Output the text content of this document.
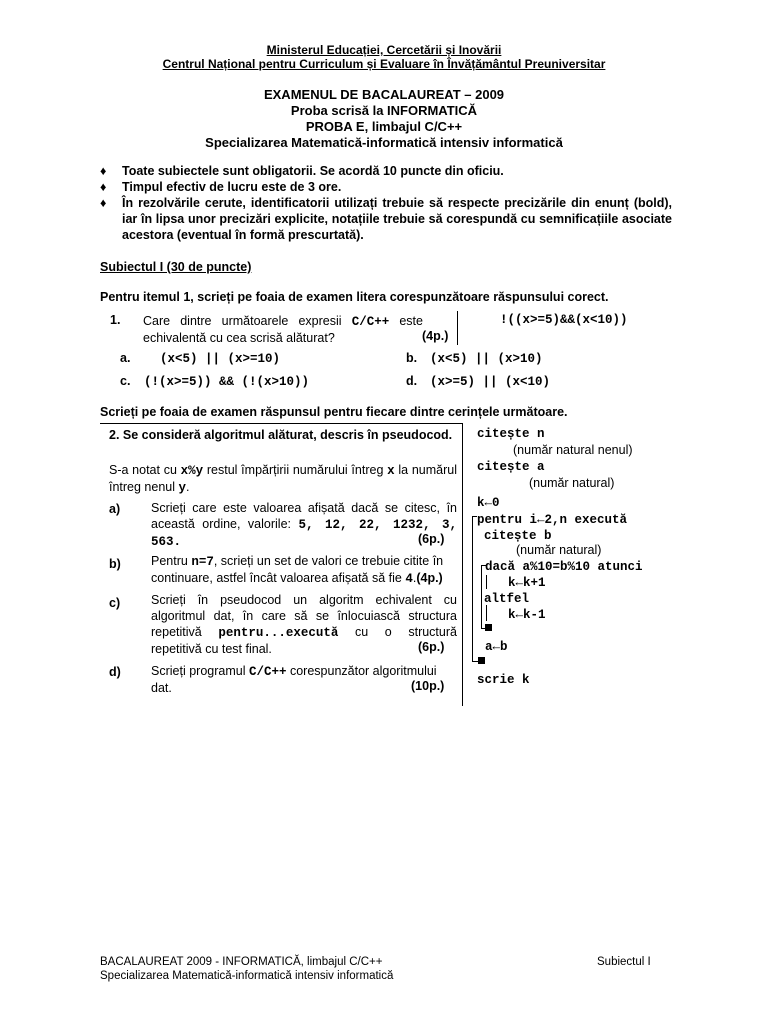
Ministerul Educației, Cercetării și Inovării
Centrul Național pentru Curriculum și Evaluare în Învățământul Preuniversitar
EXAMENUL DE BACALAUREAT – 2009
Proba scrisă la INFORMATICĂ
PROBA E, limbajul C/C++
Specializarea Matematică-informatică intensiv informatică
♦ Toate subiectele sunt obligatorii. Se acordă 10 puncte din oficiu.
♦ Timpul efectiv de lucru este de 3 ore.
♦ În rezolvările cerute, identificatorii utilizați trebuie să respecte precizările din enunț (bold), iar în lipsa unor precizări explicite, notațiile trebuie să corespundă cu semnificațiile asociate acestora (eventual în formă prescurtată).
Subiectul I (30 de puncte)
Pentru itemul 1, scrieți pe foaia de examen litera corespunzătoare răspunsului corect.
1. Care dintre următoarele expresii C/C++ este echivalentă cu cea scrisă alăturat?	(4p.)
!((x>=5)&&(x<10))
a. (x<5) || (x>=10)	b. (x<5) || (x>10)
c. (!(x>=5)) && (!(x>10))	d. (x>=5) || (x<10)
Scrieți pe foaia de examen răspunsul pentru fiecare dintre cerințele următoare.
2. Se consideră algoritmul alăturat, descris în pseudocod.
S-a notat cu x%y restul împărțirii numărului întreg x la numărul întreg nenul y.
a) Scrieți care este valoarea afișată dacă se citesc, în această ordine, valorile: 5, 12, 22, 1232, 3, 563.	(6p.)
b) Pentru n=7, scrieți un set de valori ce trebuie citite în continuare, astfel încât valoarea afișată să fie 4.(4p.)
c) Scrieți în pseudocod un algoritm echivalent cu algoritmul dat, în care să se înlocuiască structura repetitivă pentru...execută cu o structură repetitivă cu test final.	(6p.)
d) Scrieți programul C/C++ corespunzător algoritmului dat.	(10p.)
citește n
(număr natural nenul)
citește a
(număr natural)
k←0
pentru i←2,n execută
citește b
(număr natural)
dacă a%10=b%10 atunci
k←k+1
altfel
k←k-1
a←b
scrie k
BACALAUREAT 2009 - INFORMATICĂ, limbajul C/C++
Specializarea Matematică-informatică intensiv informatică
Subiectul I
